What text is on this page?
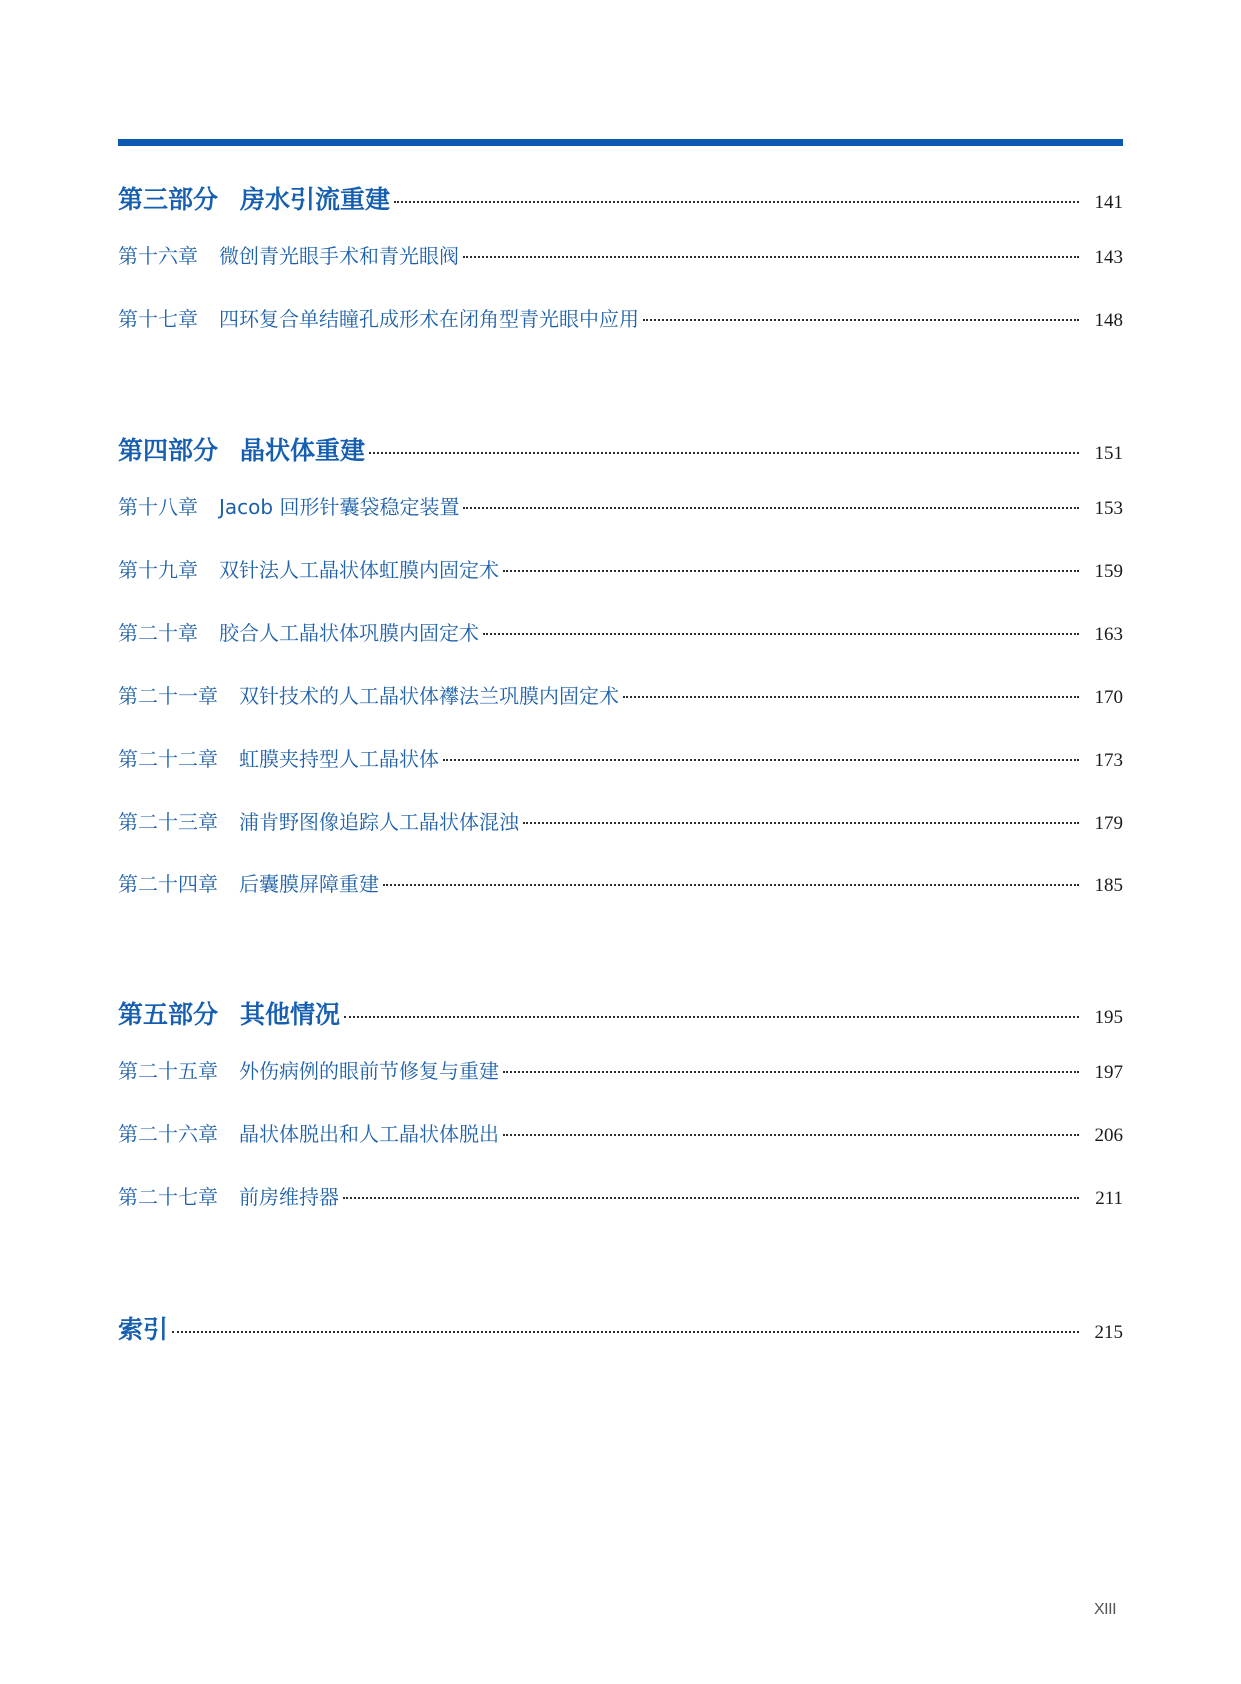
第三部分 房水引流重建	141
第十六章 微创青光眼手术和青光眼阀	143
第十七章 四环复合单结瞳孔成形术在闭角型青光眼中应用	148
第四部分 晶状体重建	151
第十八章 Jacob 回形针囊袋稳定装置	153
第十九章 双针法人工晶状体虹膜内固定术	159
第二十章 胶合人工晶状体巩膜内固定术	163
第二十一章 双针技术的人工晶状体襻法兰巩膜内固定术	170
第二十二章 虹膜夹持型人工晶状体	173
第二十三章 浦肯野图像追踪人工晶状体混浊	179
第二十四章 后囊膜屏障重建	185
第五部分 其他情况	195
第二十五章 外伤病例的眼前节修复与重建	197
第二十六章 晶状体脱出和人工晶状体脱出	206
第二十七章 前房维持器	211
索引	215
XIII
